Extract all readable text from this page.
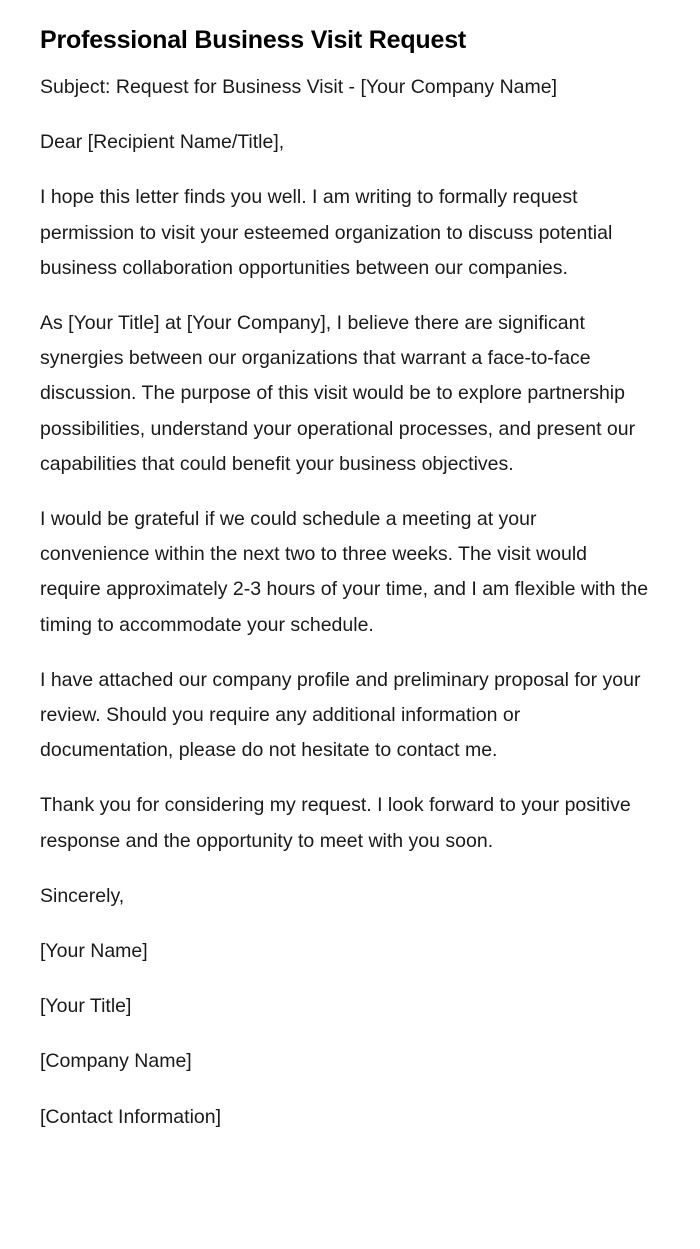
Professional Business Visit Request

Subject: Request for Business Visit - [Your Company Name]

Dear [Recipient Name/Title],

I hope this letter finds you well. I am writing to formally request permission to visit your esteemed organization to discuss potential business collaboration opportunities between our companies.

As [Your Title] at [Your Company], I believe there are significant synergies between our organizations that warrant a face-to-face discussion. The purpose of this visit would be to explore partnership possibilities, understand your operational processes, and present our capabilities that could benefit your business objectives.

I would be grateful if we could schedule a meeting at your convenience within the next two to three weeks. The visit would require approximately 2-3 hours of your time, and I am flexible with the timing to accommodate your schedule.

I have attached our company profile and preliminary proposal for your review. Should you require any additional information or documentation, please do not hesitate to contact me.

Thank you for considering my request. I look forward to your positive response and the opportunity to meet with you soon.

Sincerely,

[Your Name]

[Your Title]

[Company Name]

[Contact Information]
